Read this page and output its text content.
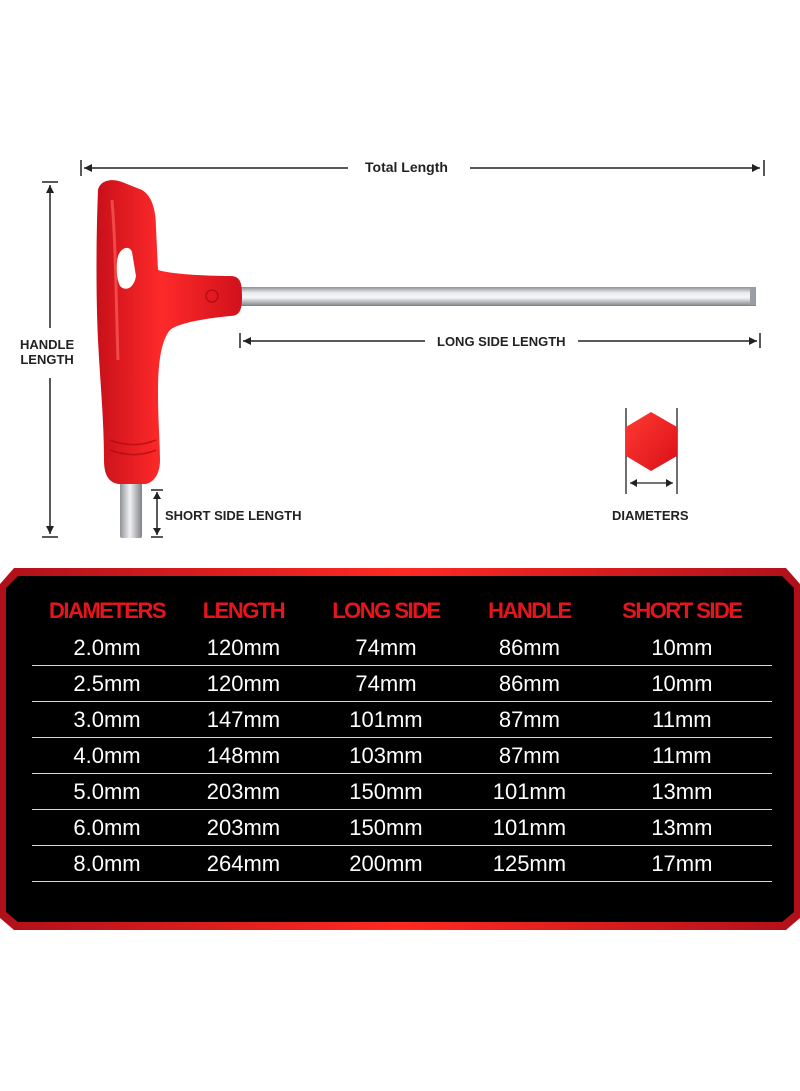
Total Length
HANDLE
LENGTH
LONG SIDE LENGTH
SHORT SIDE LENGTH	DIAMETERS
DIAMETERS	LENGTH	LONG SIDE	HANDLE	SHORT SIDE
2.0mm	120mm	74mm	86mm	10mm
2.5mm	120mm	74mm	86mm	10mm
3.0mm	147mm	101mm	87mm	11mm
4.0mm	148mm	103mm	87mm	11mm
5.0mm	203mm	150mm	101mm	13mm
6.0mm	203mm	150mm	101mm	13mm
8.0mm	264mm	200mm	125mm	17mm
